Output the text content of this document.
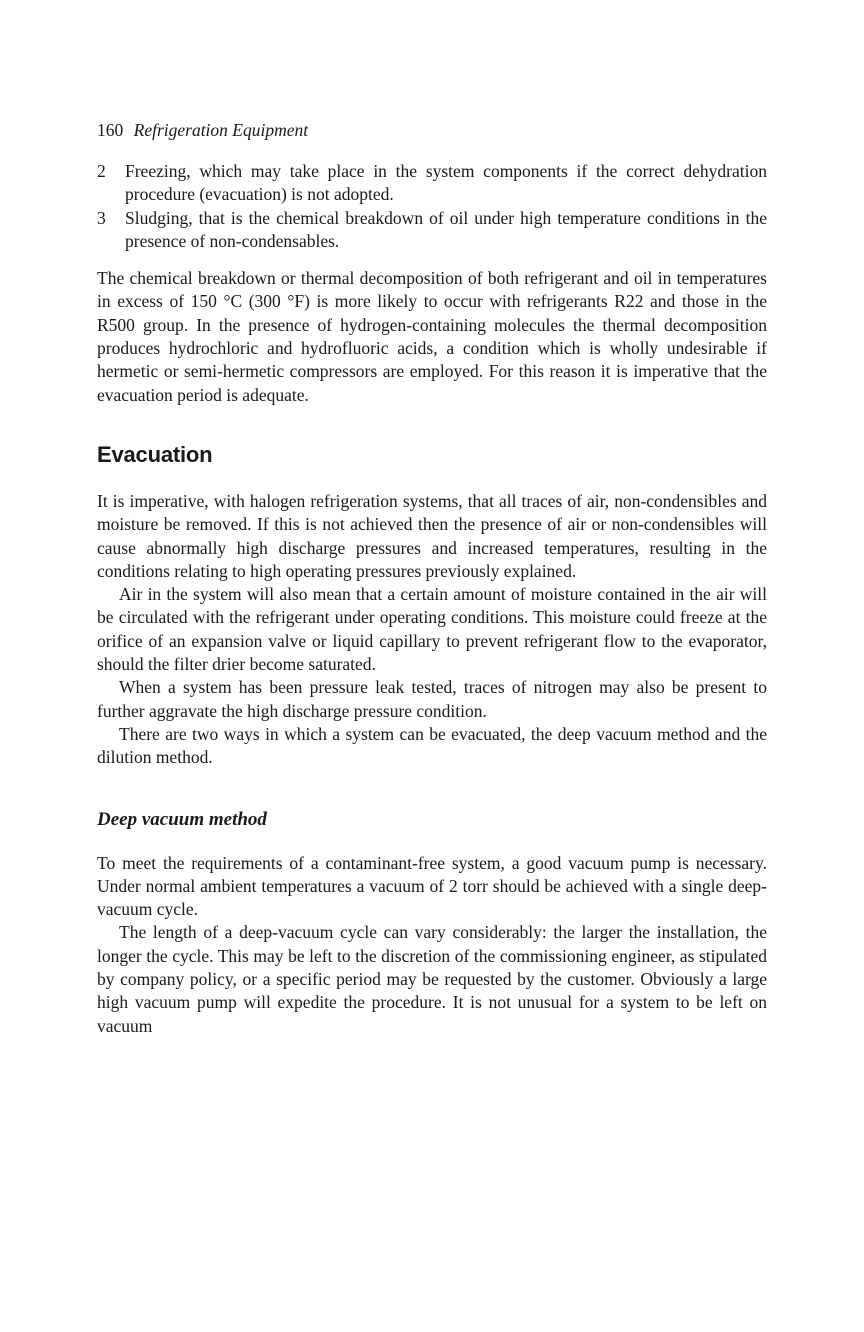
160 Refrigeration Equipment
2 Freezing, which may take place in the system components if the correct dehydration procedure (evacuation) is not adopted.
3 Sludging, that is the chemical breakdown of oil under high temperature conditions in the presence of non-condensables.

The chemical breakdown or thermal decomposition of both refrigerant and oil in temperatures in excess of 150 °C (300 °F) is more likely to occur with refrigerants R22 and those in the R500 group. In the presence of hydrogen-containing molecules the thermal decomposition produces hydrochloric and hydrofluoric acids, a condition which is wholly undesirable if hermetic or semi-hermetic compressors are employed. For this reason it is imperative that the evacuation period is adequate.

Evacuation

It is imperative, with halogen refrigeration systems, that all traces of air, non-condensibles and moisture be removed. If this is not achieved then the presence of air or non-condensibles will cause abnormally high discharge pressures and increased temperatures, resulting in the conditions relating to high operating pressures previously explained.

Air in the system will also mean that a certain amount of moisture contained in the air will be circulated with the refrigerant under operating conditions. This moisture could freeze at the orifice of an expansion valve or liquid capillary to prevent refrigerant flow to the evaporator, should the filter drier become saturated.

When a system has been pressure leak tested, traces of nitrogen may also be present to further aggravate the high discharge pressure condition.

There are two ways in which a system can be evacuated, the deep vacuum method and the dilution method.

Deep vacuum method

To meet the requirements of a contaminant-free system, a good vacuum pump is necessary. Under normal ambient temperatures a vacuum of 2 torr should be achieved with a single deep-vacuum cycle.

The length of a deep-vacuum cycle can vary considerably: the larger the installation, the longer the cycle. This may be left to the discretion of the commissioning engineer, as stipulated by company policy, or a specific period may be requested by the customer. Obviously a large high vacuum pump will expedite the procedure. It is not unusual for a system to be left on vacuum
